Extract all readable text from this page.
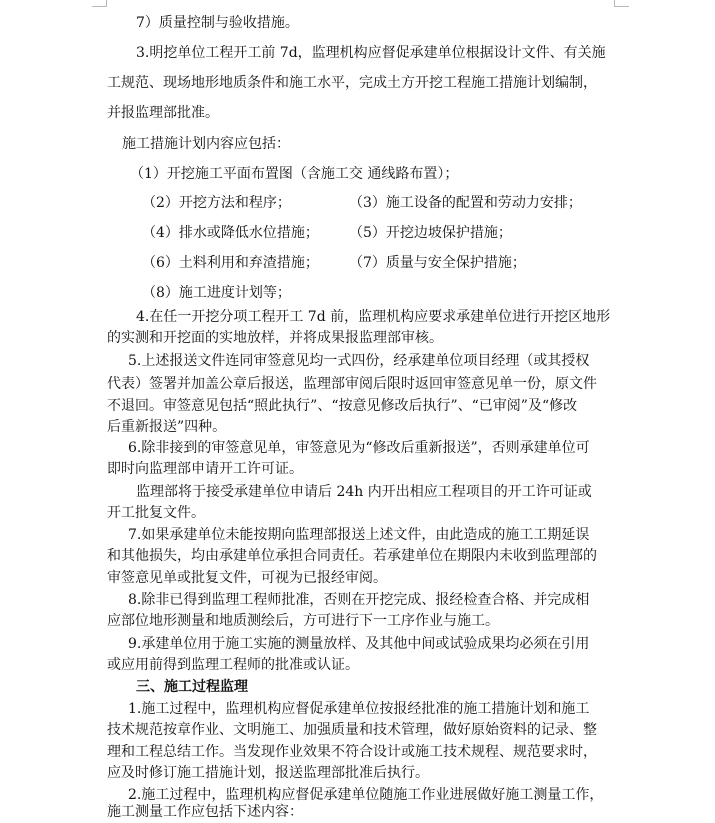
7）质量控制与验收措施。

3.明挖单位工程开工前 7d，监理机构应督促承建单位根据设计文件、有关施

工规范、现场地形地质条件和施工水平，完成土方开挖工程施工措施计划编制，

并报监理部批准。

施工措施计划内容应包括：

（1）开挖施工平面布置图（含施工交 通线路布置）；

（2）开挖方法和程序；	（3）施工设备的配置和劳动力安排；

（4）排水或降低水位措施； （5）开挖边坡保护措施；

（6）土料利用和弃渣措施； （7）质量与安全保护措施；

（8）施工进度计划等；

4.在任一开挖分项工程开工 7d 前，监理机构应要求承建单位进行开挖区地形

的实测和开挖面的实地放样，并将成果报监理部审核。

5.上述报送文件连同审签意见均一式四份，经承建单位项目经理（或其授权

代表）签署并加盖公章后报送，监理部审阅后限时返回审签意见单一份，原文件

不退回。审签意见包括“照此执行”、“按意见修改后执行”、“已审阅”及“修改

后重新报送”四种。

6.除非接到的审签意见单，审签意见为“修改后重新报送”，否则承建单位可

即时向监理部申请开工许可证。

监理部将于接受承建单位申请后 24h 内开出相应工程项目的开工许可证或

开工批复文件。

7.如果承建单位未能按期向监理部报送上述文件，由此造成的施工工期延误

和其他损失，均由承建单位承担合同责任。若承建单位在期限内未收到监理部的

审签意见单或批复文件，可视为已报经审阅。

8.除非已得到监理工程师批准，否则在开挖完成、报经检查合格、并完成相

应部位地形测量和地质测绘后，方可进行下一工序作业与施工。

9.承建单位用于施工实施的测量放样、及其他中间或试验成果均必须在引用

或应用前得到监理工程师的批准或认证。

三、施工过程监理

1.施工过程中，监理机构应督促承建单位按报经批准的施工措施计划和施工

技术规范按章作业、文明施工、加强质量和技术管理，做好原始资料的记录、整

理和工程总结工作。当发现作业效果不符合设计或施工技术规程、规范要求时，

应及时修订施工措施计划，报送监理部批准后执行。

2.施工过程中，监理机构应督促承建单位随施工作业进展做好施工测量工作，

施工测量工作应包括下述内容：
